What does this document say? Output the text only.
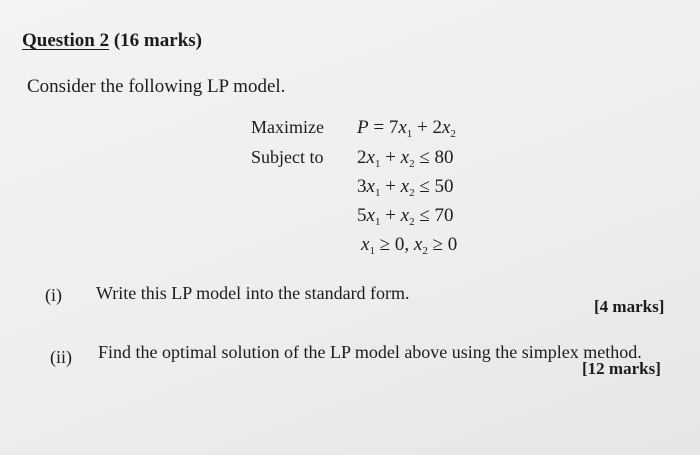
Question 2 (16 marks)
Consider the following LP model.
Maximize
Subject to
$P = 7x_1 + 2x_2$
$2x_1 + x_2 \le 80$
$3x_1 + x_2 \le 50$
$5x_1 + x_2 \le 70$
$x_1 \ge 0$, $x_2 \ge 0$
(i) Write this LP model into the standard form.
[4 marks]
(ii) Find the optimal solution of the LP model above using the simplex method.
[12 marks]
